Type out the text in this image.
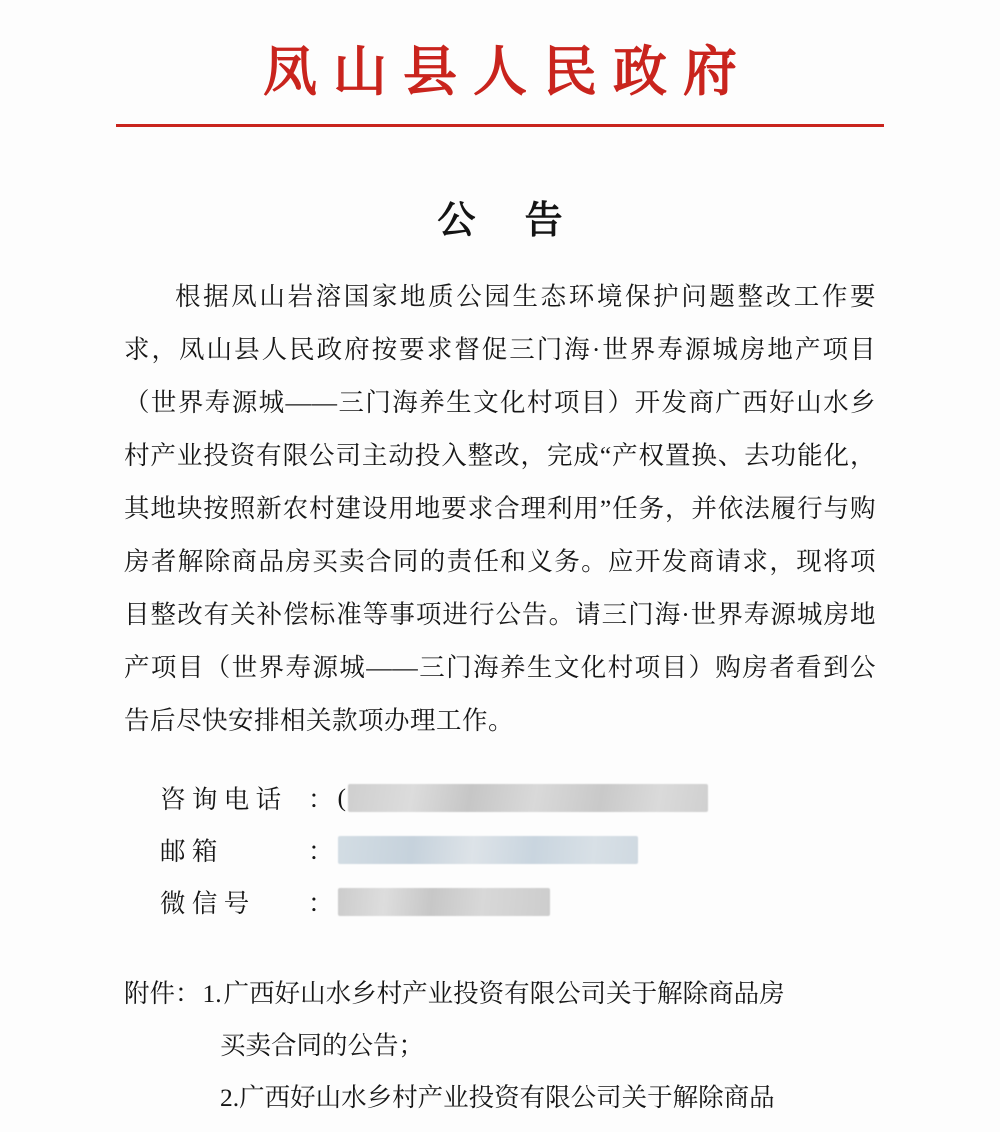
凤山县人民政府
公 告

根据凤山岩溶国家地质公园生态环境保护问题整改工作要求，凤山县人民政府按要求督促三门海·世界寿源城房地产项目（世界寿源城——三门海养生文化村项目）开发商广西好山水乡村产业投资有限公司主动投入整改，完成“产权置换、去功能化，其地块按照新农村建设用地要求合理利用”任务，并依法履行与购房者解除商品房买卖合同的责任和义务。应开发商请求，现将项目整改有关补偿标准等事项进行公告。请三门海·世界寿源城房地产项目（世界寿源城——三门海养生文化村项目）购房者看到公告后尽快安排相关款项办理工作。

咨 询 电 话	： (
邮 箱	：
微 信 号	：
附件： 1. 广西好山水乡村产业投资有限公司关于解除商品房
买卖合同的公告；
2.广西好山水乡村产业投资有限公司关于解除商品
